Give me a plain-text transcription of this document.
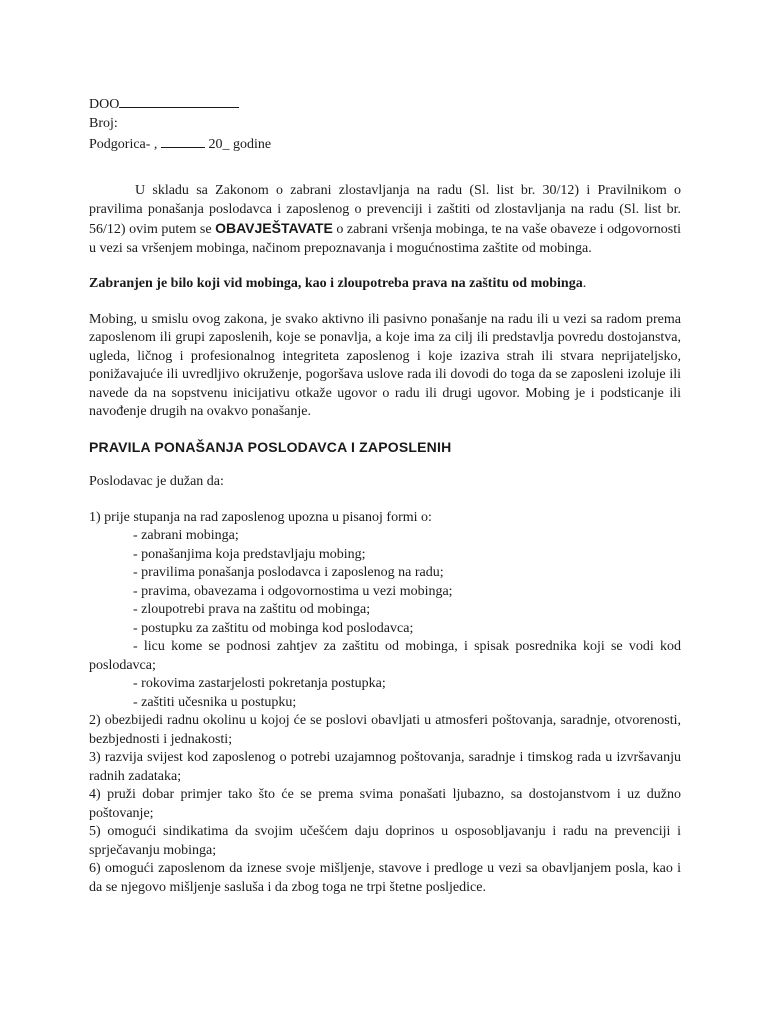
DOO
Broj:
Podgorica- ,	20_ godine

U skladu sa Zakonom o zabrani zlostavljanja na radu (Sl. list br. 30/12) i Pravilnikom o pravilima ponašanja poslodavca i zaposlenog o prevenciji i zaštiti od zlostavljanja na radu (Sl. list br. 56/12) ovim putem se OBAVJEŠTAVATE o zabrani vršenja mobinga, te na vaše obaveze i odgovornosti u vezi sa vršenjem mobinga, načinom prepoznavanja i mogućnostima zaštite od mobinga.

Zabranjen je bilo koji vid mobinga, kao i zloupotreba prava na zaštitu od mobinga.

Mobing, u smislu ovog zakona, je svako aktivno ili pasivno ponašanje na radu ili u vezi sa radom prema zaposlenom ili grupi zaposlenih, koje se ponavlja, a koje ima za cilj ili predstavlja povredu dostojanstva, ugleda, ličnog i profesionalnog integriteta zaposlenog i koje izaziva strah ili stvara neprijateljsko, ponižavajuće ili uvredljivo okruženje, pogoršava uslove rada ili dovodi do toga da se zaposleni izoluje ili navede da na sopstvenu inicijativu otkaže ugovor o radu ili drugi ugovor. Mobing je i podsticanje ili navođenje drugih na ovakvo ponašanje.

PRAVILA PONAŠANJA POSLODAVCA I ZAPOSLENIH

Poslodavac je dužan da:

1) prije stupanja na rad zaposlenog upozna u pisanoj formi o:

- zabrani mobinga;

- ponašanjima koja predstavljaju mobing;

- pravilima ponašanja poslodavca i zaposlenog na radu;

- pravima, obavezama i odgovornostima u vezi mobinga;

- zloupotrebi prava na zaštitu od mobinga;

- postupku za zaštitu od mobinga kod poslodavca;

- licu kome se podnosi zahtjev za zaštitu od mobinga, i spisak posrednika koji se vodi kod poslodavca;

- rokovima zastarjelosti pokretanja postupka;

- zaštiti učesnika u postupku;

2) obezbijedi radnu okolinu u kojoj će se poslovi obavljati u atmosferi poštovanja, saradnje, otvorenosti, bezbjednosti i jednakosti;

3) razvija svijest kod zaposlenog o potrebi uzajamnog poštovanja, saradnje i timskog rada u izvršavanju radnih zadataka;

4) pruži dobar primjer tako što će se prema svima ponašati ljubazno, sa dostojanstvom i uz dužno poštovanje;

5) omogući sindikatima da svojim učešćem daju doprinos u osposobljavanju i radu na prevenciji i sprječavanju mobinga;

6) omogući zaposlenom da iznese svoje mišljenje, stavove i predloge u vezi sa obavljanjem posla, kao i da se njegovo mišljenje sasluša i da zbog toga ne trpi štetne posljedice.
